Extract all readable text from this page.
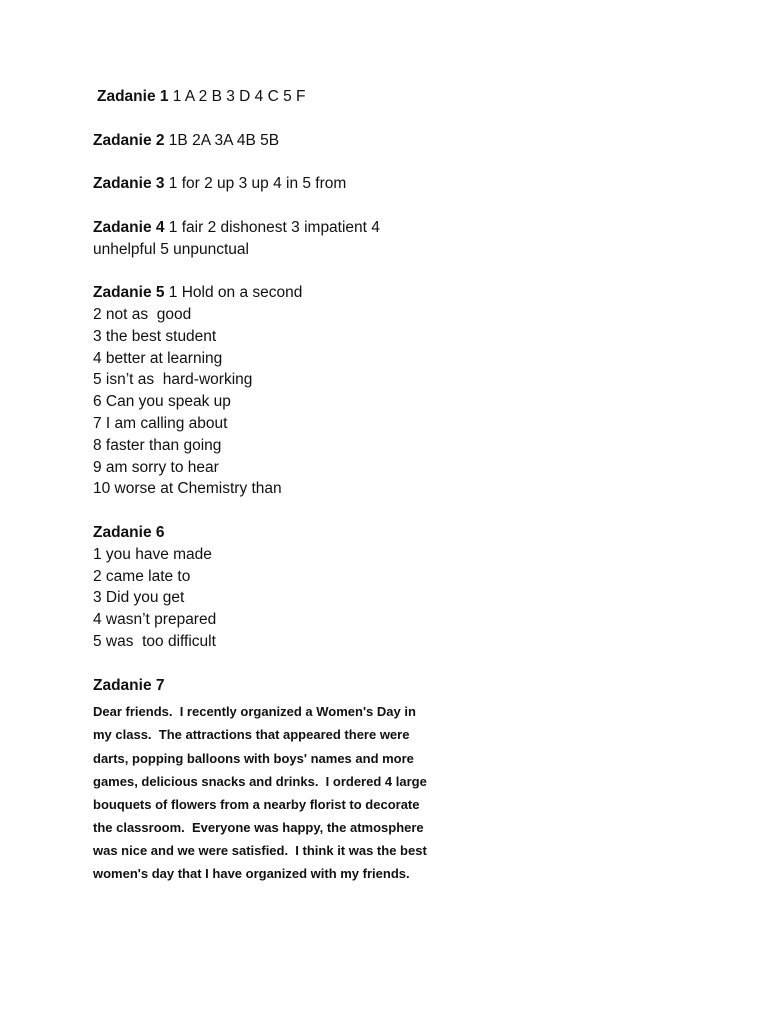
Zadanie 1 1 A 2 B 3 D 4 C 5 F
Zadanie 2 1B 2A 3A 4B 5B
Zadanie 3 1 for 2 up 3 up 4 in 5 from
Zadanie 4 1 fair 2 dishonest 3 impatient 4
unhelpful 5 unpunctual
Zadanie 5 1 Hold on a second
2 not as  good
3 the best student
4 better at learning
5 isn’t as  hard-working
6 Can you speak up
7 I am calling about
8 faster than going
9 am sorry to hear
10 worse at Chemistry than
Zadanie 6
1 you have made
2 came late to
3 Did you get
4 wasn’t prepared
5 was  too difficult
Zadanie 7
Dear friends.  I recently organized a Women's Day in
my class.  The attractions that appeared there were
darts, popping balloons with boys' names and more
games, delicious snacks and drinks.  I ordered 4 large
bouquets of flowers from a nearby florist to decorate
the classroom.  Everyone was happy, the atmosphere
was nice and we were satisfied.  I think it was the best
women's day that I have organized with my friends.
